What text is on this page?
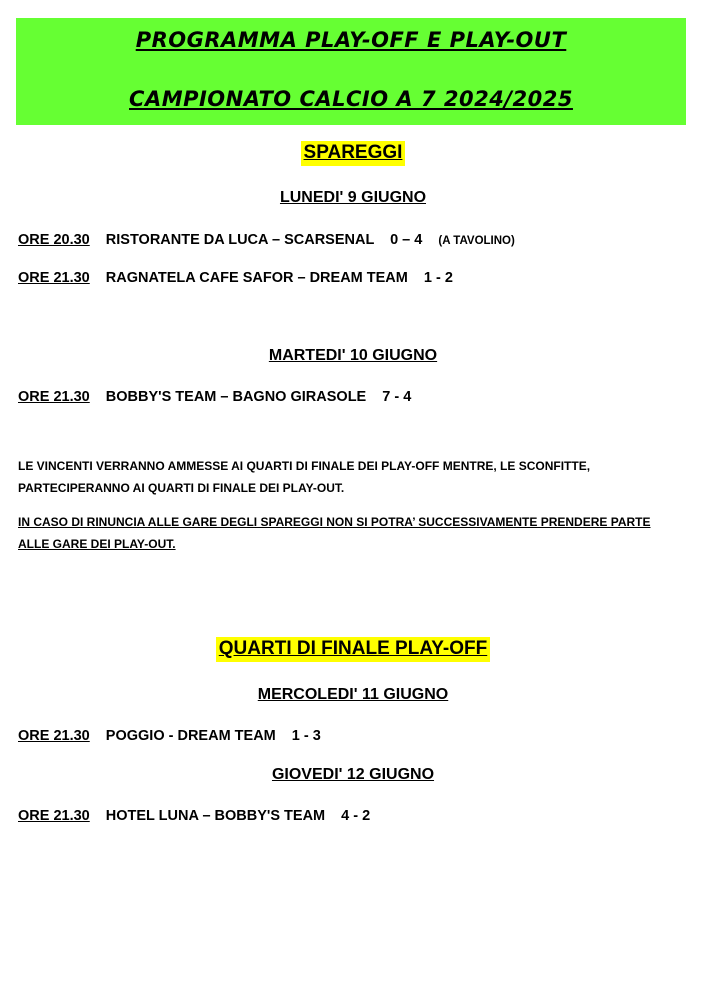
PROGRAMMA PLAY-OFF E PLAY-OUT
CAMPIONATO CALCIO A 7 2024/2025
SPAREGGI
LUNEDI' 9 GIUGNO
ORE 20.30 RISTORANTE DA LUCA – SCARSENAL 0 – 4 (A TAVOLINO)
ORE 21.30 RAGNATELA CAFE SAFOR – DREAM TEAM 1 - 2
MARTEDI' 10 GIUGNO
ORE 21.30 BOBBY'S TEAM – BAGNO GIRASOLE 7 - 4
LE VINCENTI VERRANNO AMMESSE AI QUARTI DI FINALE DEI PLAY-OFF MENTRE, LE SCONFITTE,
PARTECIPERANNO AI QUARTI DI FINALE DEI PLAY-OUT.
IN CASO DI RINUNCIA ALLE GARE DEGLI SPAREGGI NON SI POTRA’ SUCCESSIVAMENTE PRENDERE PARTE
ALLE GARE DEI PLAY-OUT.
QUARTI DI FINALE PLAY-OFF
MERCOLEDI' 11 GIUGNO
ORE 21.30 POGGIO - DREAM TEAM 1 - 3
GIOVEDI' 12 GIUGNO
ORE 21.30 HOTEL LUNA – BOBBY'S TEAM 4 - 2
